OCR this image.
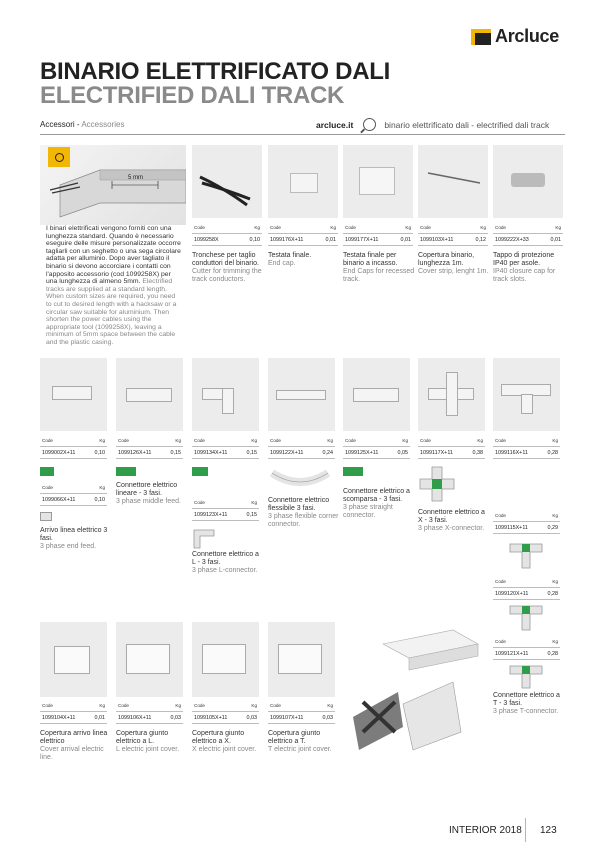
Arcluce
BINARIO ELETTRIFICATO DALI
ELECTRIFIED DALI TRACK
Accessori - Accessories	arcluce.it	binario elettrificato dali - electrified dali track
5 mm
I binari elettrificati vengono forniti con una lunghezza standard. Quando è necessario eseguire delle misure personalizzate occorre tagliarli con un seghetto o una sega circolare adatta per alluminio. Dopo aver tagliato il binario si devono accorciare i contatti con l'apposito accessorio (cod 1099258X) per una lunghezza di almeno 5mm. Electrified tracks are supplied at a standard length. When custom sizes are required, you need to cut to desired length with a hacksaw or a circular saw suitable for aluminium. Then shorten the power cables using the appropriate tool (1099258X), leaving a minimum of 5mm space between the cable and the plastic casing.
Code	Kg
1099258X	0,10
Code	Kg
1099176X+11	0,01
Code	Kg
1099177X+11	0,01
Code	Kg
1099103X+11	0,12
Code	Kg
1099222X+33	0,01
Tronchese per taglio conduttori del binario.
Cutter for trimming the track conductors.
Testata finale.
End cap.
Testata finale per binario a incasso.
End Caps for recessed track.
Copertura binario, lunghezza 1m.
Cover strip, lenght 1m.
Tappo di protezione IP40 per asole.
IP40 closure cap for track slots.
Code	Kg
1099002X+11	0,10
Code	Kg
1099126X+11	0,15
Code	Kg
1099134X+11	0,15
Code	Kg
1099122X+11	0,24
Code	Kg
1099125X+11	0,05
Code	Kg
1099117X+11	0,38
Code	Kg
1099116X+11	0,28
Code	Kg
1099066X+11	0,10
Arrivo linea elettrico 3 fasi.
3 phase end feed.
Connettore elettrico lineare - 3 fasi.
3 phase middle feed.	Code	Kg
1099123X+11	0,15
Connettore elettrico a L - 3 fasi.
3 phase L-connector.
Connettore elettrico flessibile 3 fasi.
3 phase flexible corner connector.
Connettore elettrico a scomparsa - 3 fasi.
3 phase straight connector.	Connettore elettrico a X - 3 fasi.
3 phase X-connector.
Code	Kg
1099115X+11	0,29
Code	Kg
1099120X+11	0,28
Code	Kg
1099121X+11	0,28
Connettore elettrico a T - 3 fasi.
3 phase T-connector.
Code	Kg
1099104X+11	0,01
Code	Kg
1099106X+11	0,03
Code	Kg
1099105X+11	0,03
Code	Kg
1099107X+11	0,03
Copertura arrivo linea elettrico
Cover arrival electric line.
Copertura giunto elettrico a L.
L electric joint cover.
Copertura giunto elettrico a X.
X electric joint cover.
Copertura giunto elettrico a T.
T electric joint cover.
INTERIOR 2018 123
